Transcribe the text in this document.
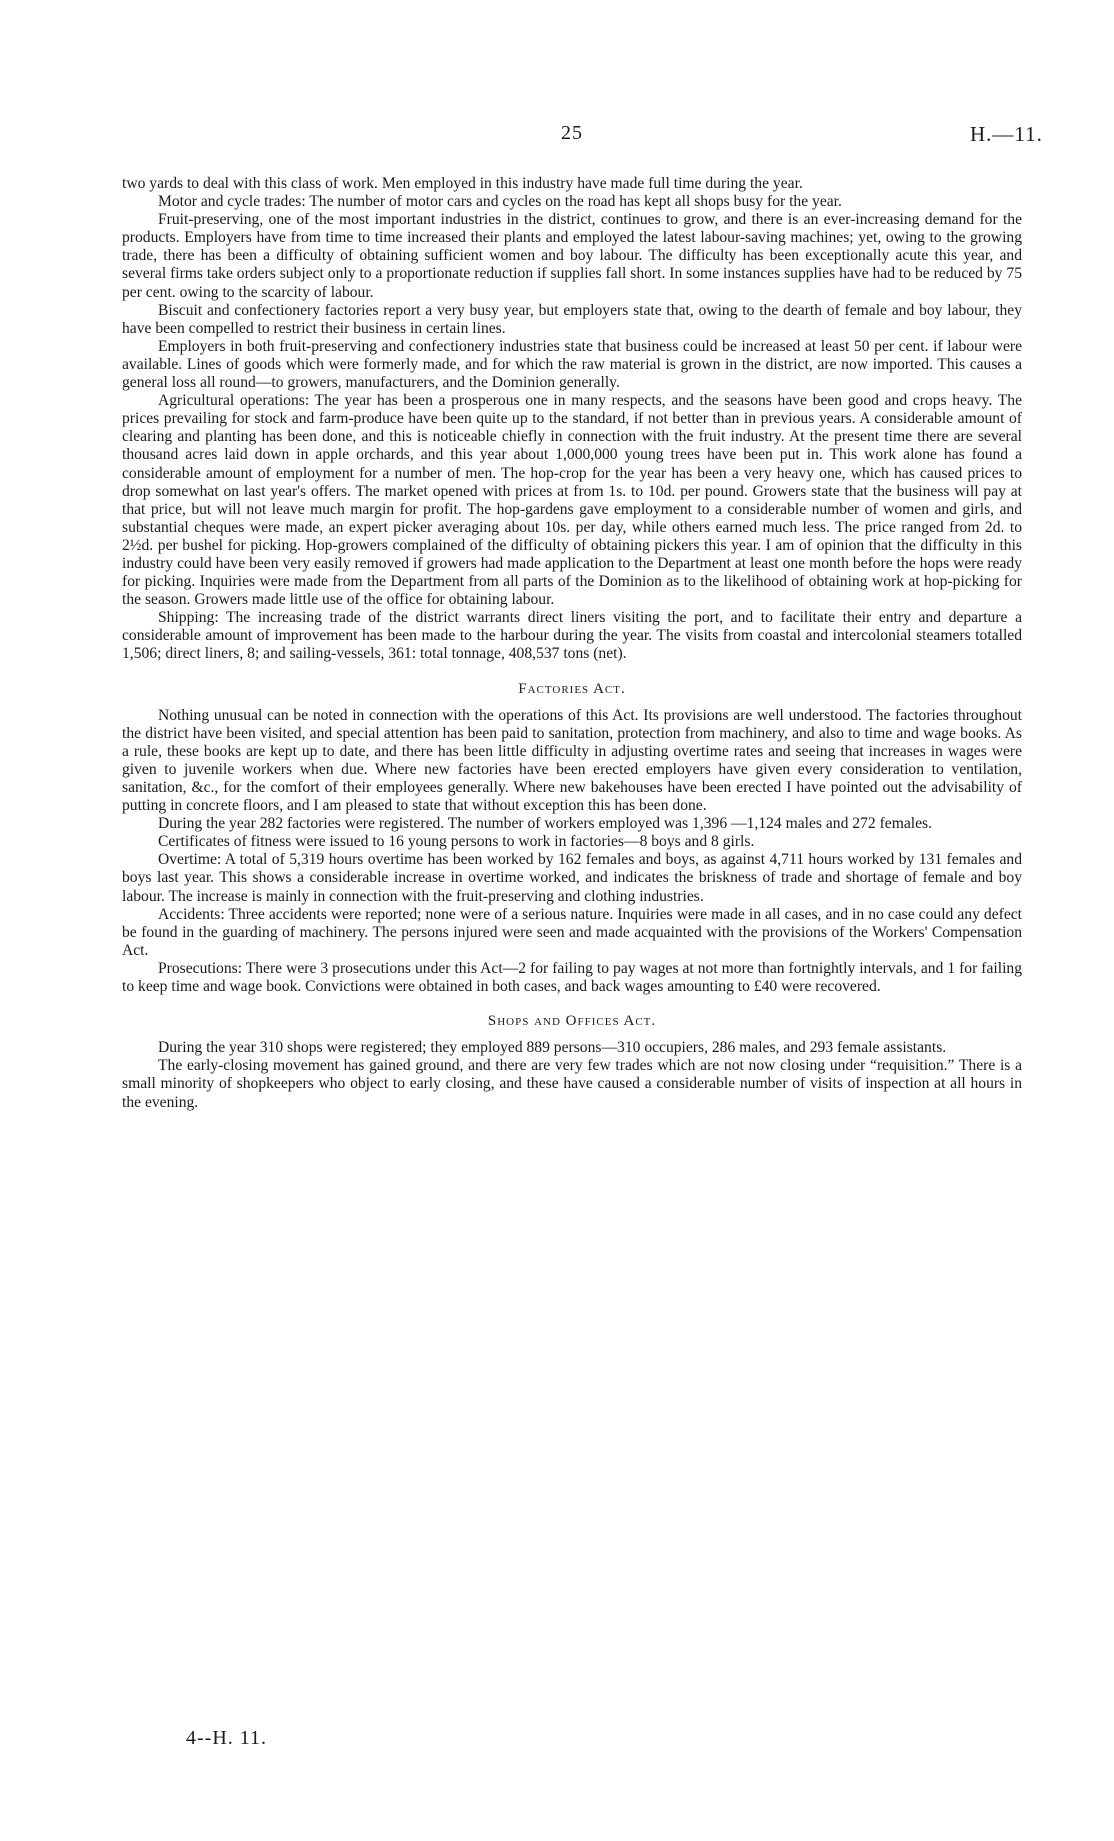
25	H.—11.

two yards to deal with this class of work. Men employed in this industry have made full time during the year.

Motor and cycle trades: The number of motor cars and cycles on the road has kept all shops busy for the year.

Fruit-preserving, one of the most important industries in the district, continues to grow, and there is an ever-increasing demand for the products. Employers have from time to time increased their plants and employed the latest labour-saving machines; yet, owing to the growing trade, there has been a difficulty of obtaining sufficient women and boy labour. The difficulty has been exceptionally acute this year, and several firms take orders subject only to a proportionate reduction if supplies fall short. In some instances supplies have had to be reduced by 75 per cent. owing to the scarcity of labour.

Biscuit and confectionery factories report a very busy year, but employers state that, owing to the dearth of female and boy labour, they have been compelled to restrict their business in certain lines.

Employers in both fruit-preserving and confectionery industries state that business could be increased at least 50 per cent. if labour were available. Lines of goods which were formerly made, and for which the raw material is grown in the district, are now imported. This causes a general loss all round—to growers, manufacturers, and the Dominion generally.

Agricultural operations: The year has been a prosperous one in many respects, and the seasons have been good and crops heavy. The prices prevailing for stock and farm-produce have been quite up to the standard, if not better than in previous years. A considerable amount of clearing and planting has been done, and this is noticeable chiefly in connection with the fruit industry. At the present time there are several thousand acres laid down in apple orchards, and this year about 1,000,000 young trees have been put in. This work alone has found a considerable amount of employment for a number of men. The hop-crop for the year has been a very heavy one, which has caused prices to drop somewhat on last year's offers. The market opened with prices at from 1s. to 10d. per pound. Growers state that the business will pay at that price, but will not leave much margin for profit. The hop-gardens gave employment to a considerable number of women and girls, and substantial cheques were made, an expert picker averaging about 10s. per day, while others earned much less. The price ranged from 2d. to 2½d. per bushel for picking. Hop-growers complained of the difficulty of obtaining pickers this year. I am of opinion that the difficulty in this industry could have been very easily removed if growers had made application to the Department at least one month before the hops were ready for picking. Inquiries were made from the Department from all parts of the Dominion as to the likelihood of obtaining work at hop-picking for the season. Growers made little use of the office for obtaining labour.

Shipping: The increasing trade of the district warrants direct liners visiting the port, and to facilitate their entry and departure a considerable amount of improvement has been made to the harbour during the year. The visits from coastal and intercolonial steamers totalled 1,506; direct liners, 8; and sailing-vessels, 361: total tonnage, 408,537 tons (net).

Factories Act.

Nothing unusual can be noted in connection with the operations of this Act. Its provisions are well understood. The factories throughout the district have been visited, and special attention has been paid to sanitation, protection from machinery, and also to time and wage books. As a rule, these books are kept up to date, and there has been little difficulty in adjusting overtime rates and seeing that increases in wages were given to juvenile workers when due. Where new factories have been erected employers have given every consideration to ventilation, sanitation, &c., for the comfort of their employees generally. Where new bakehouses have been erected I have pointed out the advisability of putting in concrete floors, and I am pleased to state that without exception this has been done.

During the year 282 factories were registered. The number of workers employed was 1,396 —1,124 males and 272 females.

Certificates of fitness were issued to 16 young persons to work in factories—8 boys and 8 girls.

Overtime: A total of 5,319 hours overtime has been worked by 162 females and boys, as against 4,711 hours worked by 131 females and boys last year. This shows a considerable increase in overtime worked, and indicates the briskness of trade and shortage of female and boy labour. The increase is mainly in connection with the fruit-preserving and clothing industries.

Accidents: Three accidents were reported; none were of a serious nature. Inquiries were made in all cases, and in no case could any defect be found in the guarding of machinery. The persons injured were seen and made acquainted with the provisions of the Workers' Compensation Act.

Prosecutions: There were 3 prosecutions under this Act—2 for failing to pay wages at not more than fortnightly intervals, and 1 for failing to keep time and wage book. Convictions were obtained in both cases, and back wages amounting to £40 were recovered.

Shops and Offices Act.

During the year 310 shops were registered; they employed 889 persons—310 occupiers, 286 males, and 293 female assistants.

The early-closing movement has gained ground, and there are very few trades which are not now closing under “requisition.” There is a small minority of shopkeepers who object to early closing, and these have caused a considerable number of visits of inspection at all hours in the evening.

4--H. 11.
